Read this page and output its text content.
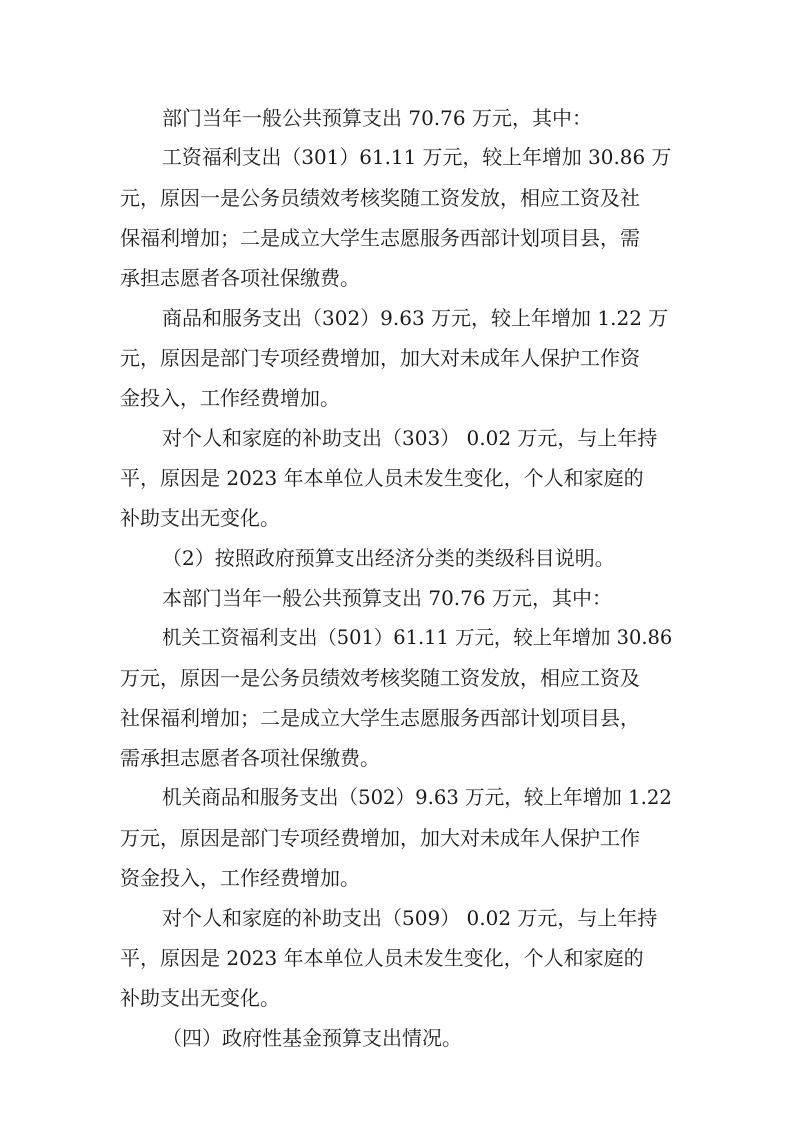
部门当年一般公共预算支出 70.76 万元，其中：
工资福利支出（301）61.11 万元，较上年增加 30.86 万
元，原因一是公务员绩效考核奖随工资发放，相应工资及社
保福利增加；二是成立大学生志愿服务西部计划项目县，需
承担志愿者各项社保缴费。
商品和服务支出（302）9.63 万元，较上年增加 1.22 万
元，原因是部门专项经费增加，加大对未成年人保护工作资
金投入，工作经费增加。
对个人和家庭的补助支出（303） 0.02 万元，与上年持
平，原因是 2023 年本单位人员未发生变化，个人和家庭的
补助支出无变化。
（2）按照政府预算支出经济分类的类级科目说明。
本部门当年一般公共预算支出 70.76 万元，其中：
机关工资福利支出（501）61.11 万元，较上年增加 30.86
万元，原因一是公务员绩效考核奖随工资发放，相应工资及
社保福利增加；二是成立大学生志愿服务西部计划项目县，
需承担志愿者各项社保缴费。
机关商品和服务支出（502）9.63 万元，较上年增加 1.22
万元，原因是部门专项经费增加，加大对未成年人保护工作
资金投入，工作经费增加。
对个人和家庭的补助支出（509） 0.02 万元，与上年持
平，原因是 2023 年本单位人员未发生变化，个人和家庭的
补助支出无变化。
（四）政府性基金预算支出情况。
